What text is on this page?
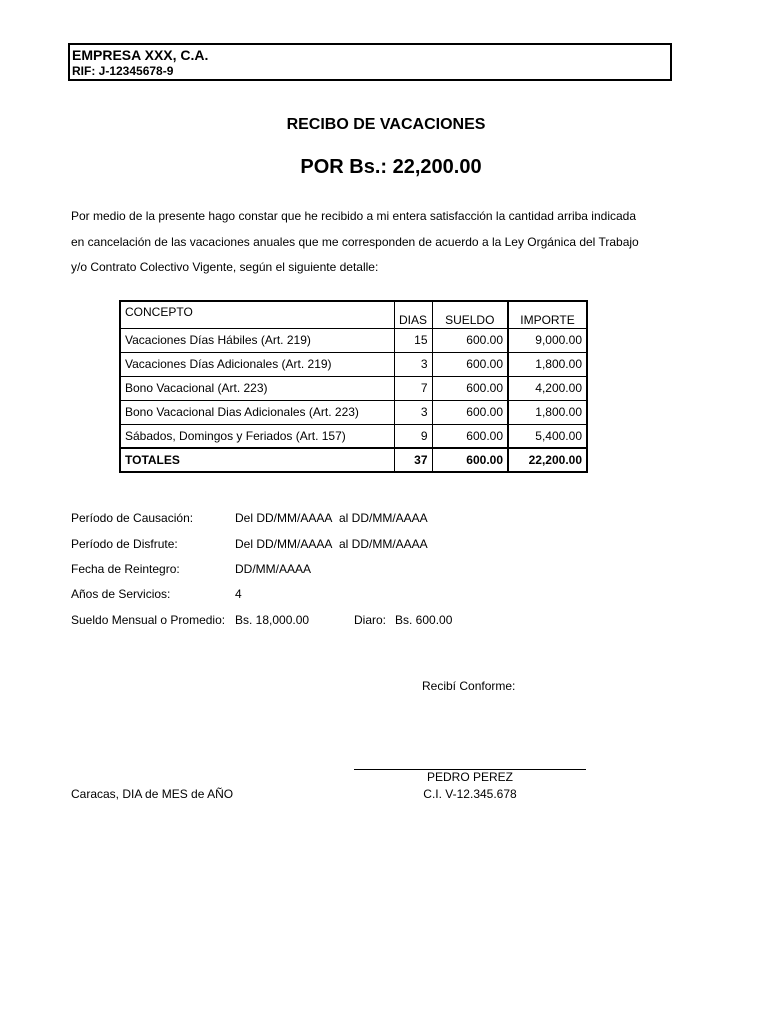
EMPRESA XXX, C.A.
RIF: J-12345678-9
RECIBO DE VACACIONES
POR Bs.: 22,200.00
Por medio de la presente hago constar que he recibido a mi entera satisfacción la cantidad arriba indicada
en cancelación de las vacaciones anuales que me corresponden de acuerdo a la Ley Orgánica del Trabajo
y/o Contrato Colectivo Vigente, según el siguiente detalle:
CONCEPTO	DIAS	SUELDO	IMPORTE
Vacaciones Días Hábiles (Art. 219)	15	600.00	9,000.00
Vacaciones Días Adicionales (Art. 219)	3	600.00	1,800.00
Bono Vacacional (Art. 223)	7	600.00	4,200.00
Bono Vacacional Dias Adicionales (Art. 223)	3	600.00	1,800.00
Sábados, Domingos y Feriados (Art. 157)	9	600.00	5,400.00
TOTALES	37	600.00	22,200.00
Período de Causación:	Del DD/MM/AAAA al DD/MM/AAAA
Período de Disfrute:	Del DD/MM/AAAA al DD/MM/AAAA
Fecha de Reintegro:	DD/MM/AAAA
Años de Servicios:	4
Sueldo Mensual o Promedio: Bs. 18,000.00	Diaro: Bs. 600.00
Recibí Conforme:
PEDRO PEREZ
C.I. V-12.345.678
Caracas, DIA de MES de AÑO
